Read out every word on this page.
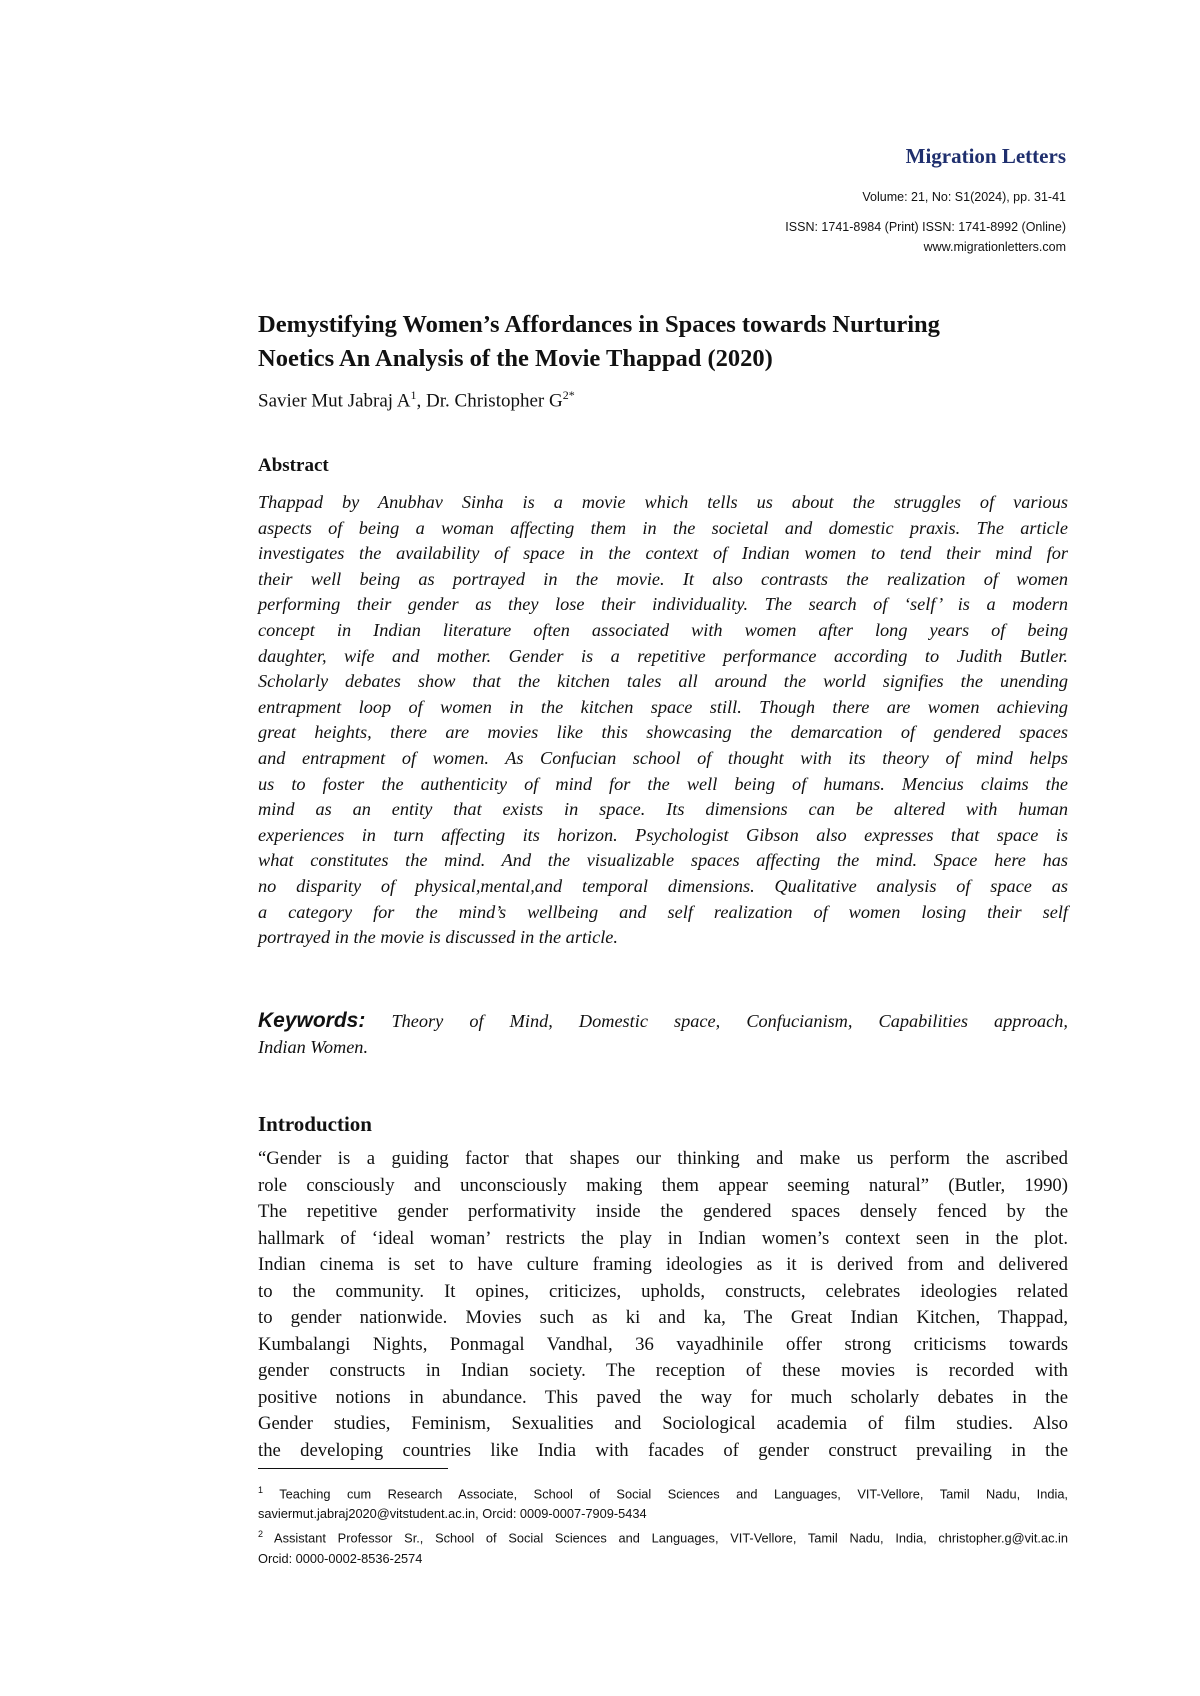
Migration Letters
Volume: 21, No: S1(2024), pp. 31-41
ISSN: 1741-8984 (Print) ISSN: 1741-8992 (Online)
www.migrationletters.com
Demystifying Women’s Affordances in Spaces towards Nurturing
Noetics An Analysis of the Movie Thappad (2020)
Savier Mut Jabraj $A^1$, Dr. Christopher $G^{2*}$
Abstract
Thappad by Anubhav Sinha is a movie which tells us about the struggles of various
aspects of being a woman affecting them in the societal and domestic praxis. The article
investigates the availability of space in the context of Indian women to tend their mind for
their well being as portrayed in the movie. It also contrasts the realization of women
performing their gender as they lose their individuality. The search of ‘self’ is a modern
concept in Indian literature often associated with women after long years of being
daughter, wife and mother. Gender is a repetitive performance according to Judith Butler.
Scholarly debates show that the kitchen tales all around the world signifies the unending
entrapment loop of women in the kitchen space still. Though there are women achieving
great heights, there are movies like this showcasing the demarcation of gendered spaces
and entrapment of women. As Confucian school of thought with its theory of mind helps
us to foster the authenticity of mind for the well being of humans. Mencius claims the
mind as an entity that exists in space. Its dimensions can be altered with human
experiences in turn affecting its horizon. Psychologist Gibson also expresses that space is
what constitutes the mind. And the visualizable spaces affecting the mind. Space here has
no disparity of physical,mental,and temporal dimensions. Qualitative analysis of space as
a category for the mind’s wellbeing and self realization of women losing their self
portrayed in the movie is discussed in the article.
Keywords: Theory of Mind, Domestic space, Confucianism, Capabilities approach,
Indian Women.
Introduction
“Gender is a guiding factor that shapes our thinking and make us perform the ascribed
role consciously and unconsciously making them appear seeming natural” (Butler, 1990)
The repetitive gender performativity inside the gendered spaces densely fenced by the
hallmark of ‘ideal woman’ restricts the play in Indian women’s context seen in the plot.
Indian cinema is set to have culture framing ideologies as it is derived from and delivered
to the community. It opines, criticizes, upholds, constructs, celebrates ideologies related
to gender nationwide. Movies such as ki and ka, The Great Indian Kitchen, Thappad,
Kumbalangi Nights, Ponmagal Vandhal, 36 vayadhinile offer strong criticisms towards
gender constructs in Indian society. The reception of these movies is recorded with
positive notions in abundance. This paved the way for much scholarly debates in the
Gender studies, Feminism, Sexualities and Sociological academia of film studies. Also
the developing countries like India with facades of gender construct prevailing in the
$^1$ Teaching cum Research Associate, School of Social Sciences and Languages, VIT-Vellore, Tamil Nadu, India,
saviermut.jabraj2020@vitstudent.ac.in, Orcid: 0009-0007-7909-5434
$^2$ Assistant Professor Sr., School of Social Sciences and Languages, VIT-Vellore, Tamil Nadu, India, christopher.g@vit.ac.in
Orcid: 0000-0002-8536-2574
